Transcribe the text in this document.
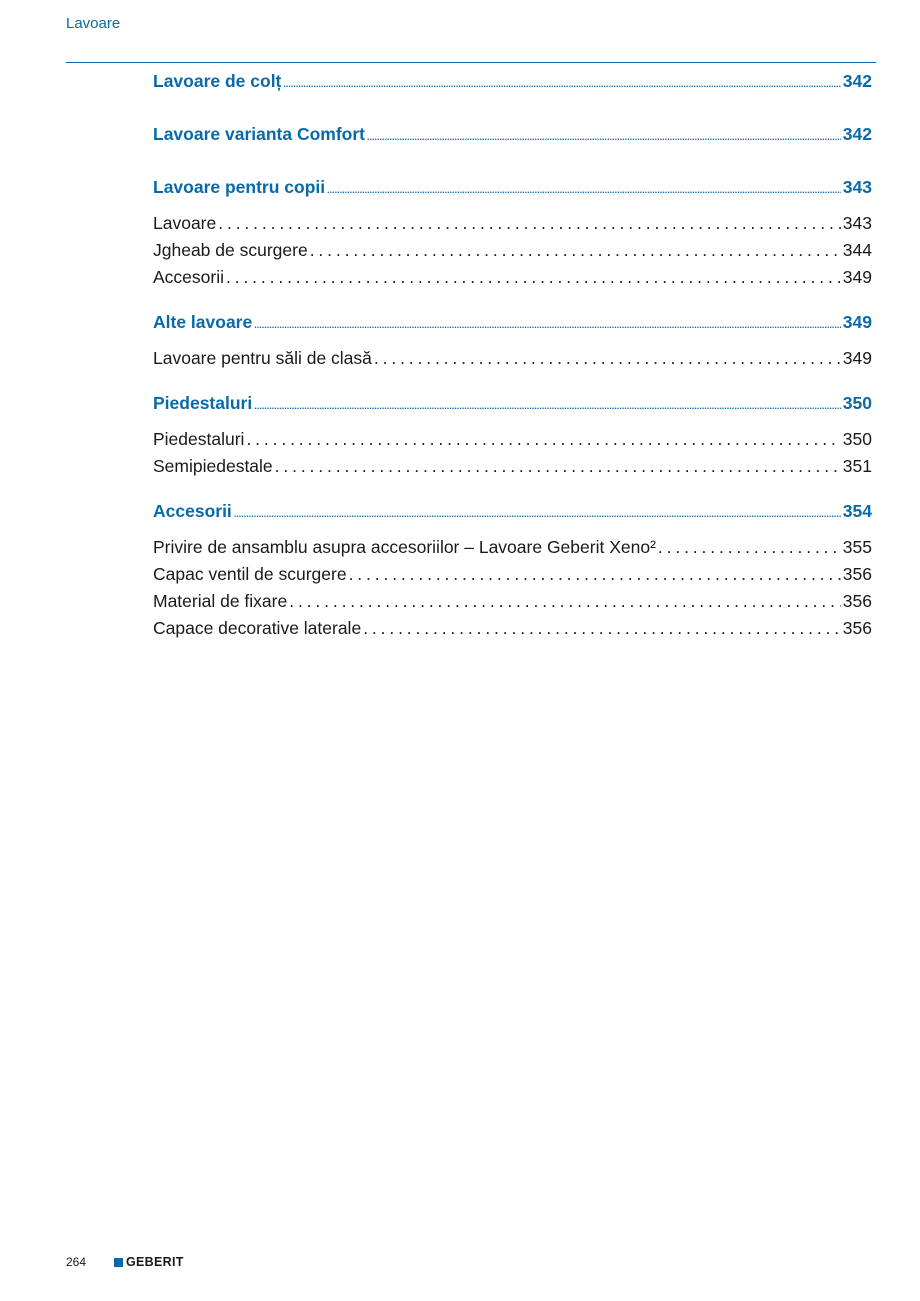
Lavoare
Lavoare de colț .....	342
Lavoare varianta Comfort .....	342
Lavoare pentru copii .....	343
Lavoare . . .	343
Jgheab de scurgere . . .	344
Accesorii . . .	349
Alte lavoare .....	349
Lavoare pentru săli de clasă . . .	349
Piedestaluri .....	350
Piedestaluri . . .	350
Semipiedestale . . .	351
Accesorii .....	354
Privire de ansamblu asupra accesoriilor – Lavoare Geberit Xeno² . . .	355
Capac ventil de scurgere . . .	356
Material de fixare . . .	356
Capace decorative laterale . . .	356
264	GEBERIT
